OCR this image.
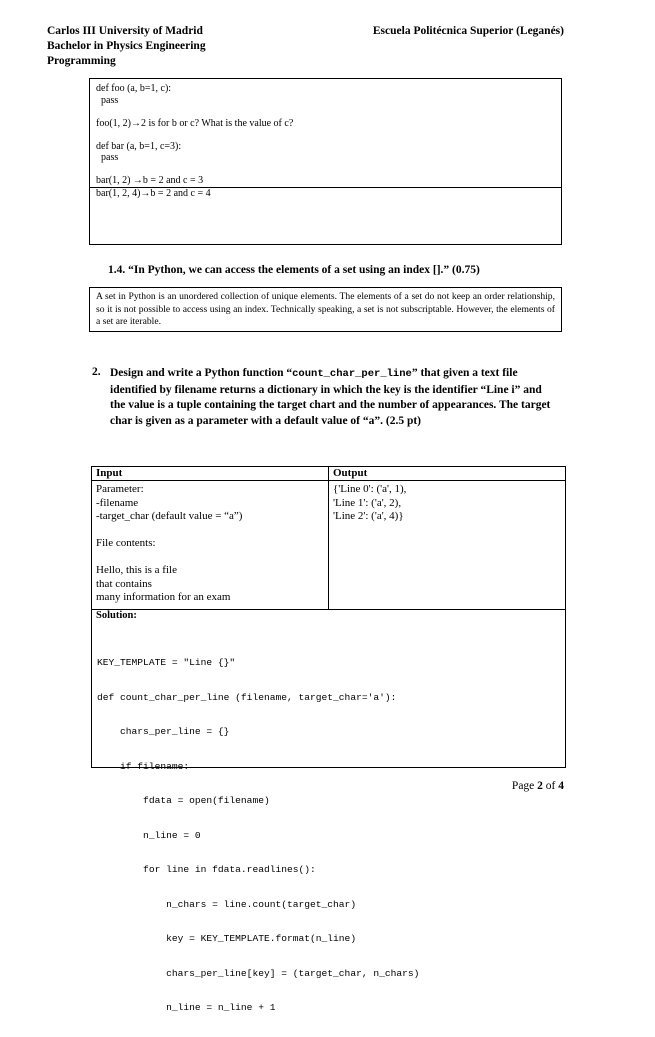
Carlos III University of Madrid
Bachelor in Physics Engineering
Programming
Escuela Politécnica Superior (Leganés)
def foo (a, b=1, c):
pass
foo(1, 2)→2 is for b or c? What is the value of c?
def bar (a, b=1, c=3):
pass
bar(1, 2) →b = 2 and c = 3
bar(1, 2, 4)→b = 2 and c = 4
1.4. “In Python, we can access the elements of a set using an index [].” (0.75)
A set in Python is an unordered collection of unique elements. The elements of a set do not keep an order relationship, so it is not possible to access using an index. Technically speaking, a set is not subscriptable. However, the elements of a set are iterable.
2. Design and write a Python function “count_char_per_line” that given a text file identified by filename returns a dictionary in which the key is the identifier “Line i” and the value is a tuple containing the target chart and the number of appearances. The target char is given as a parameter with a default value of “a”. (2.5 pt)
Input	Output
Parameter:
-filename
-target_char (default value = “a”)
File contents:
Hello, this is a file
that contains
many information for an exam
{'Line 0': ('a', 1),
'Line 1': ('a', 2),
'Line 2': ('a', 4)}
Solution:

KEY_TEMPLATE = "Line {}"

def count_char_per_line (filename, target_char='a'):

chars_per_line = {}

if filename:

fdata = open(filename)

n_line = 0

for line in fdata.readlines():

n_chars = line.count(target_char)

key = KEY_TEMPLATE.format(n_line)

chars_per_line[key] = (target_char, n_chars)

n_line = n_line + 1

Page 2 of 4
